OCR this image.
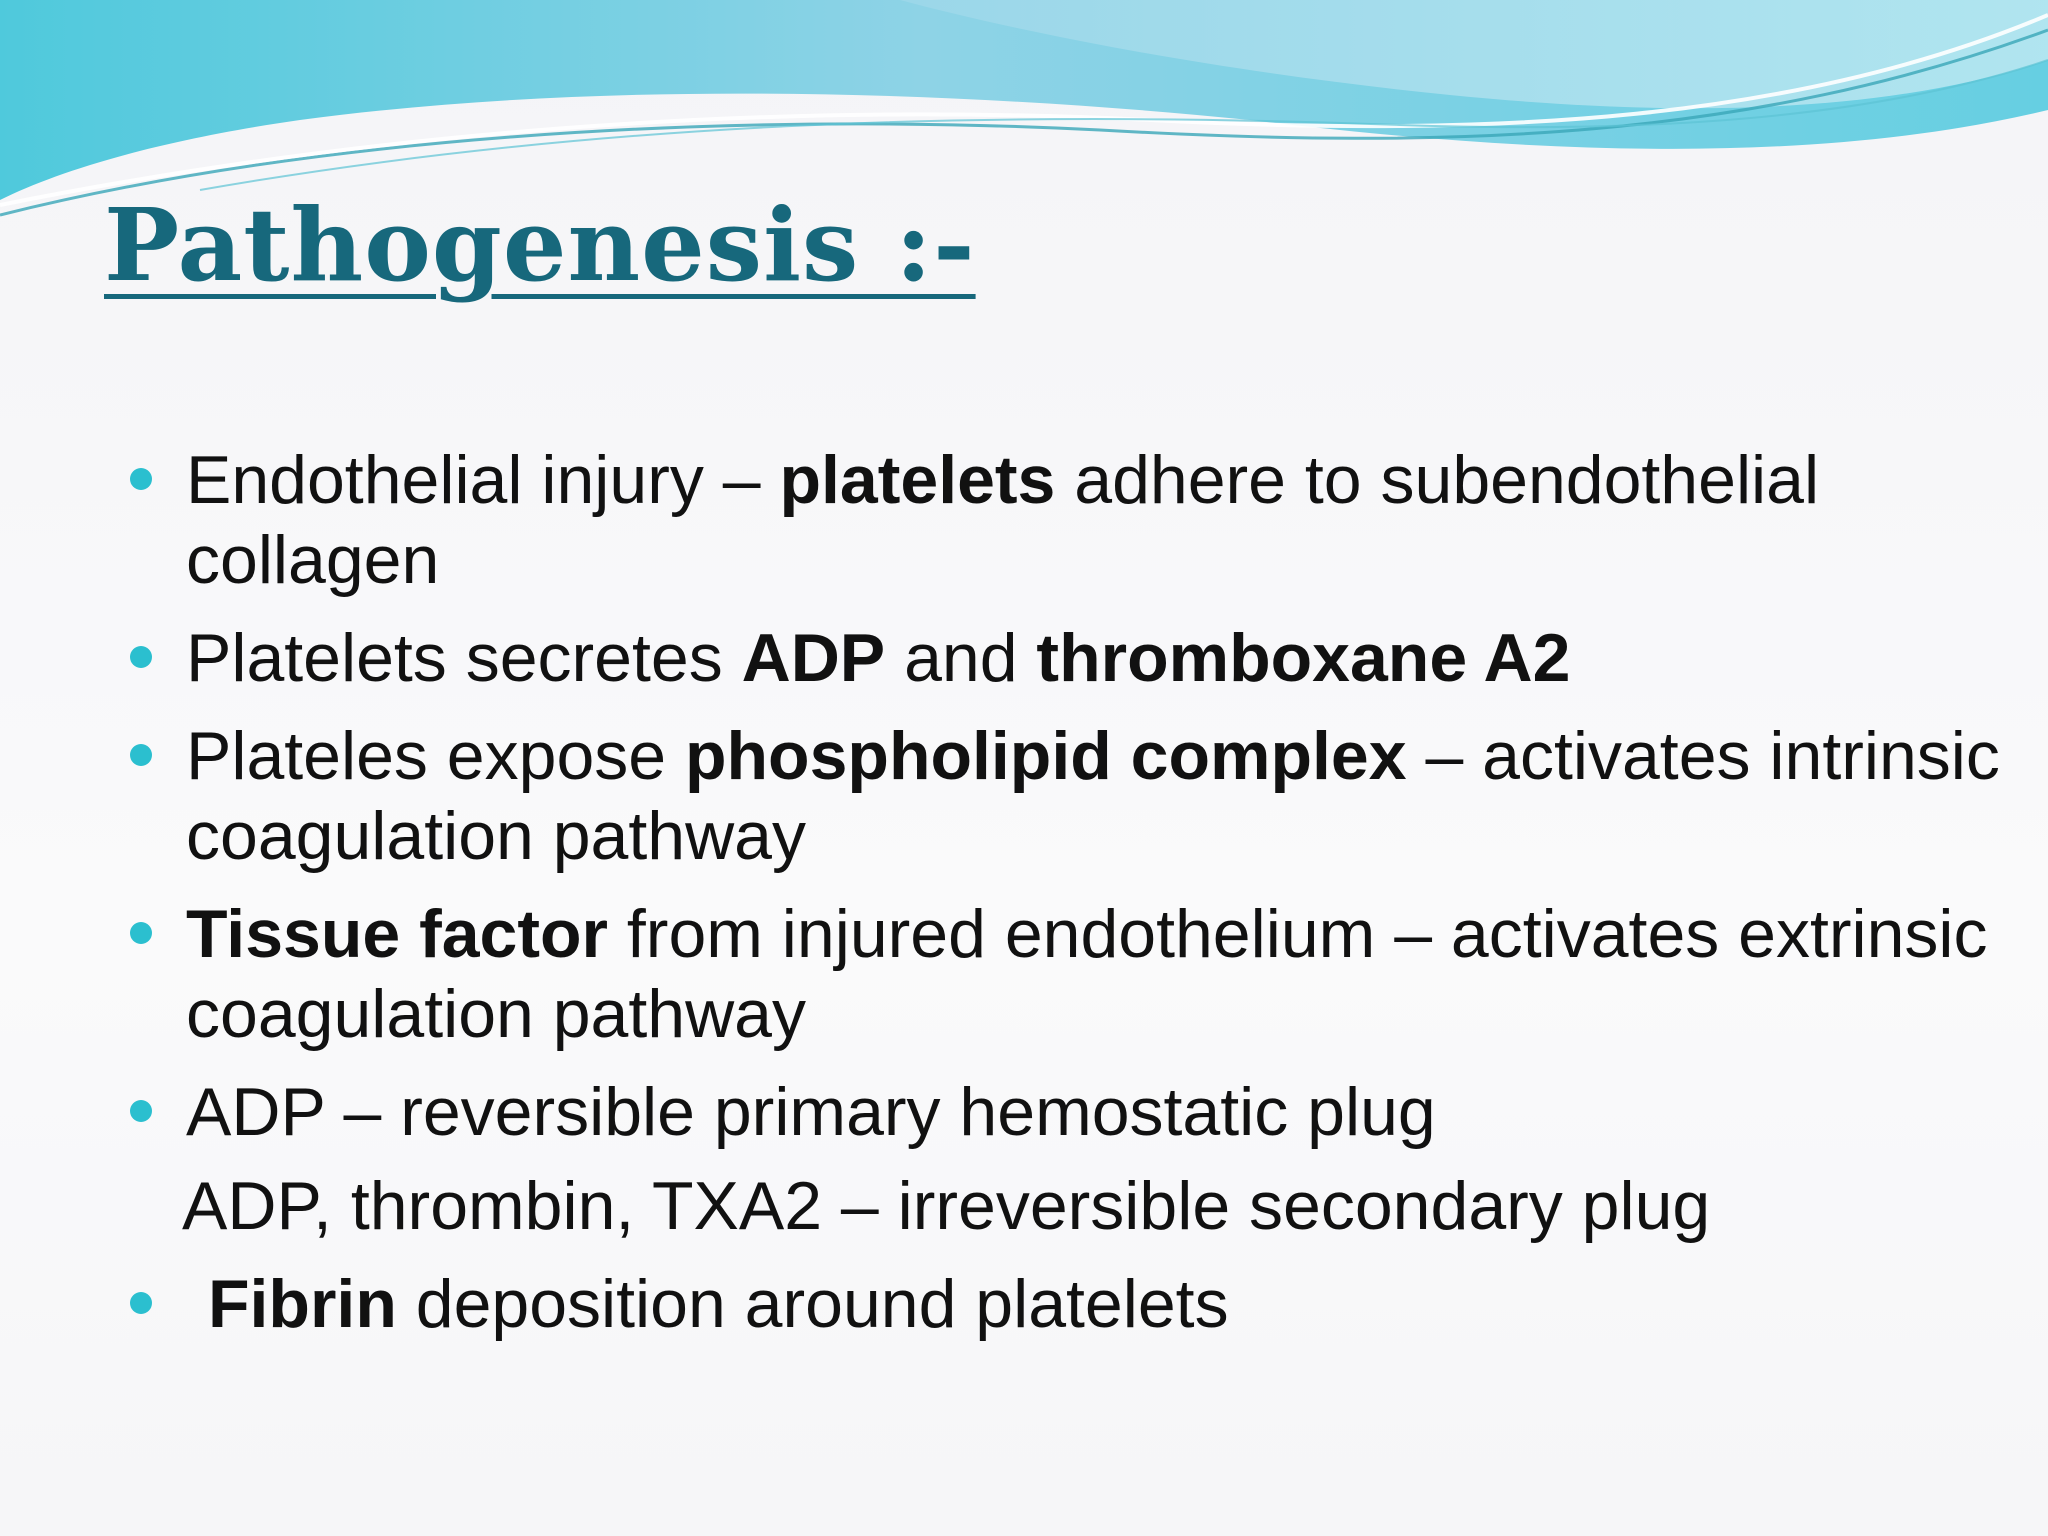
Pathogenesis :-
Endothelial injury – platelets adhere to subendothelial collagen
Platelets secretes ADP and thromboxane A2
Plateles expose phospholipid complex – activates intrinsic coagulation pathway
Tissue factor from injured endothelium – activates extrinsic coagulation pathway
ADP – reversible primary hemostatic plug
ADP, thrombin, TXA2 – irreversible secondary plug
Fibrin deposition around platelets
